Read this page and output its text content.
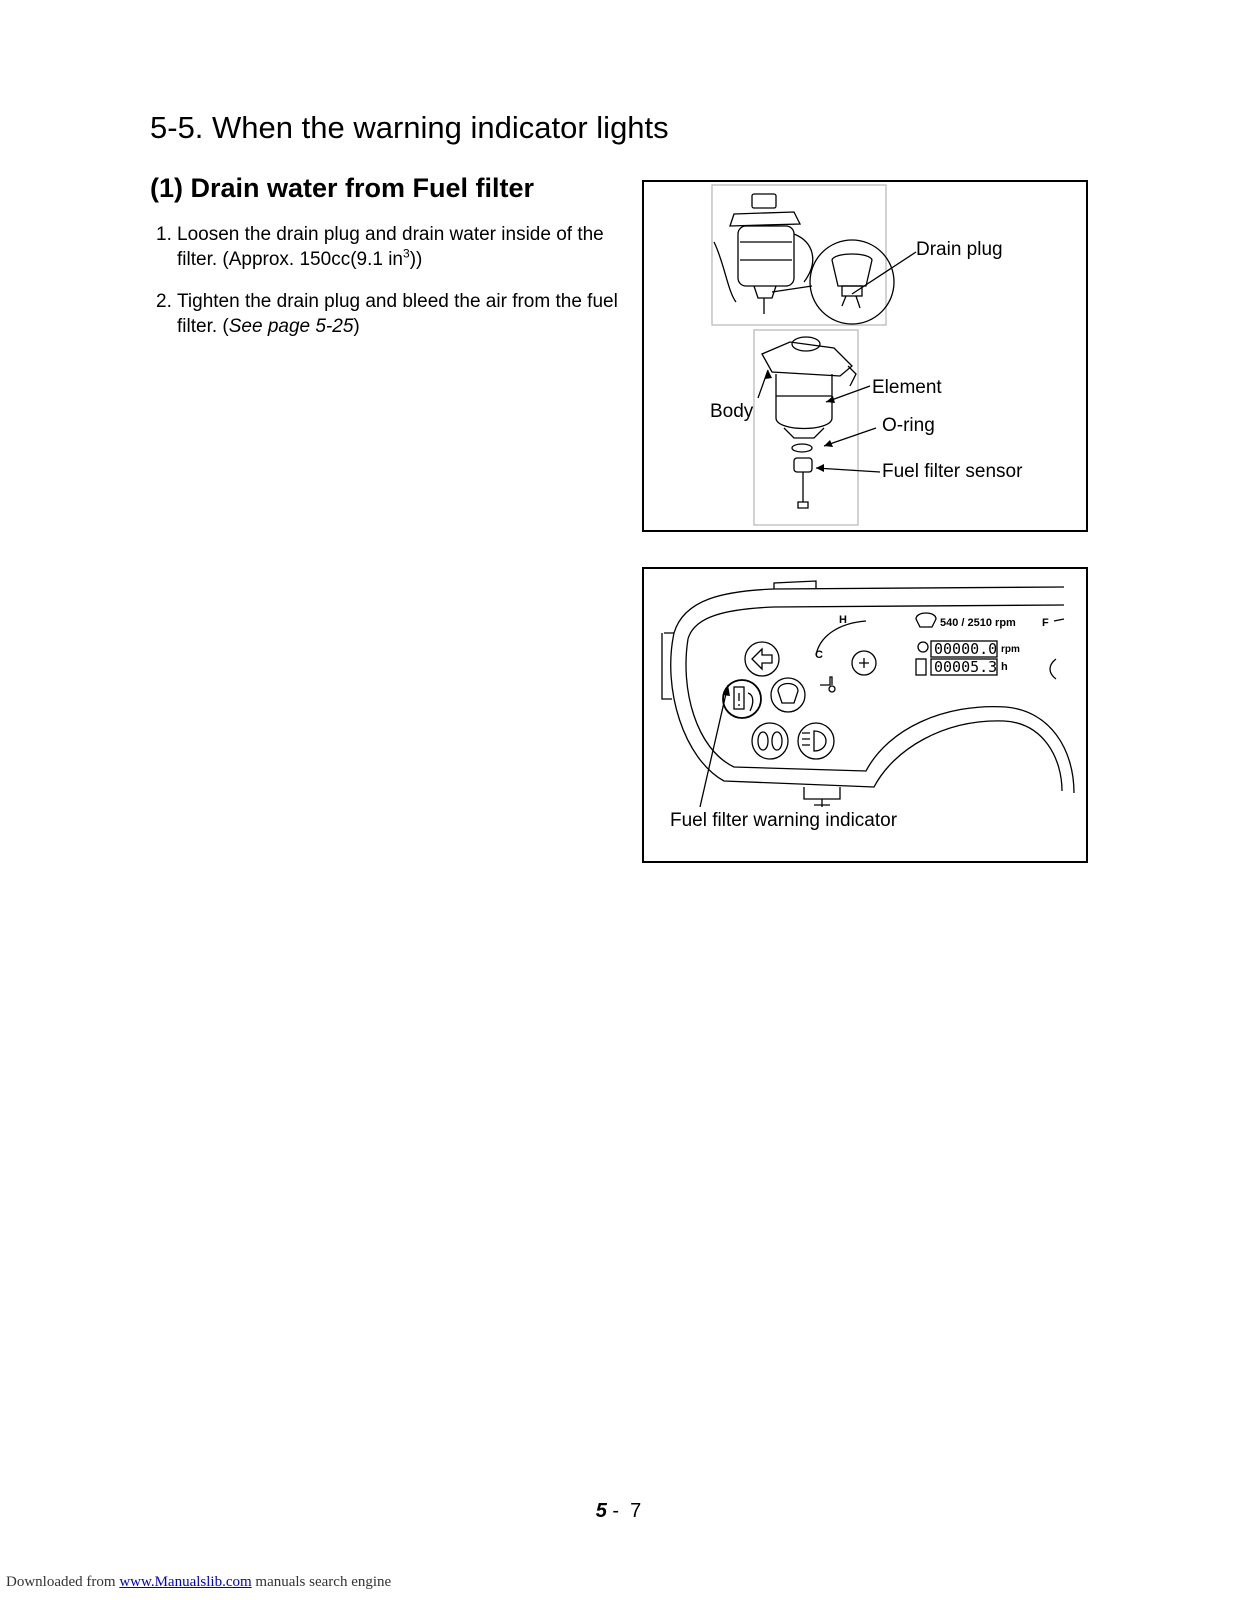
5-5. When the warning indicator lights
(1) Drain water from Fuel filter
1. Loosen the drain plug and drain water inside of the filter. (Approx. 150cc(9.1 $in^3$))
2. Tighten the drain plug and bleed the air from the fuel filter. (See page 5-25)
Drain plug
Element
Body
O-ring
Fuel filter sensor
H
C
540 / 2510 rpm F
00000.0 rpm
00005.3 h
Fuel filter warning indicator
5 - 7
Downloaded from www.Manualslib.com manuals search engine
